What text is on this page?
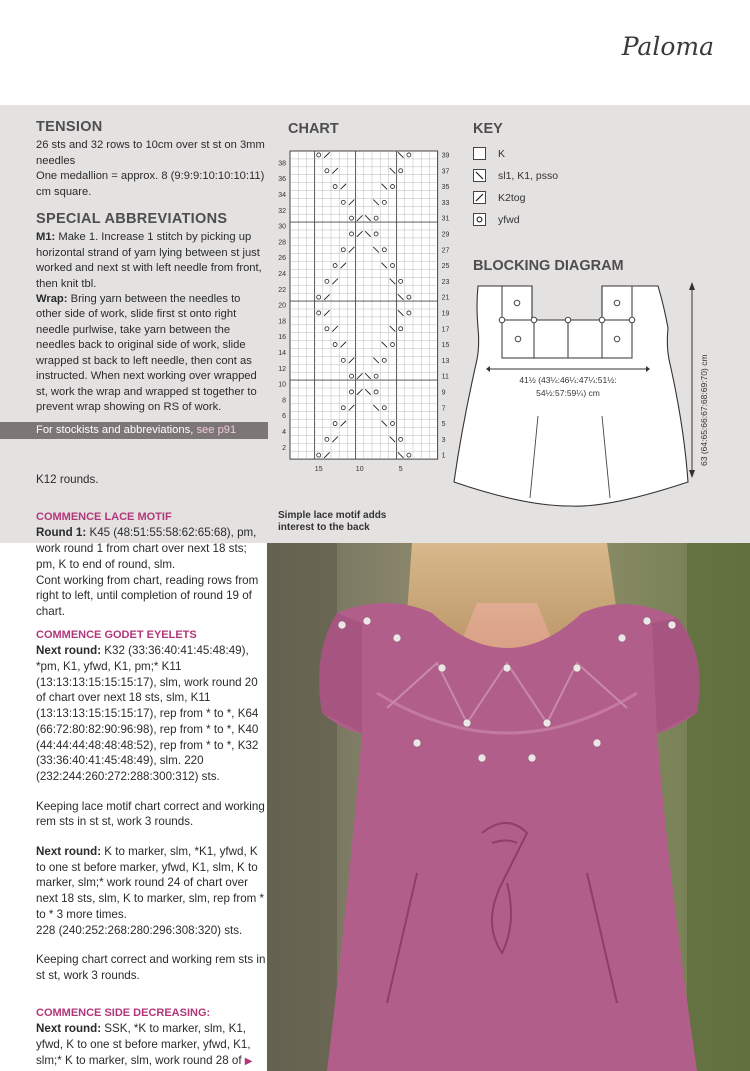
Paloma
TENSION

26 sts and 32 rows to 10cm over st st on 3mm needles

One medallion = approx. 8 (9:9:9:10:10:10:11) cm square.

SPECIAL ABBREVIATIONS

M1: Make 1. Increase 1 stitch by picking up horizontal strand of yarn lying between st just worked and next st with left needle from front, then knit tbl.

Wrap: Bring yarn between the needles to other side of work, slide first st onto right needle purlwise, take yarn between the needles back to original side of work, slide wrapped st back to left needle, then cont as instructed. When next working over wrapped st, work the wrap and wrapped st together to prevent wrap showing on RS of work.

For stockists and abbreviations, see p91
CHART
38
36
34
32
30
28
26
24
22
20
18
16
14
12
10
8
6
4
2
39
37
35
33
31
29
27
25
23
21
19
17
15
13
11
9
7
5
3
1
15	10	5
Simple lace motif adds interest to the back
KEY
K
sl1, K1, psso
K2tog
yfwd
BLOCKING DIAGRAM
41½ (43¼:46¼:47¼:51½:
54½:57:59¼) cm	63 (64:65:66:67:68:69:70) cm

K12 rounds.

COMMENCE LACE MOTIF

Round 1: K45 (48:51:55:58:62:65:68), pm, work round 1 from chart over next 18 sts; pm, K to end of round, slm.

Cont working from chart, reading rows from right to left, until completion of round 19 of chart.

COMMENCE GODET EYELETS

Next round: K32 (33:36:40:41:45:48:49), *pm, K1, yfwd, K1, pm;* K11 (13:13:13:15:15:15:17), slm, work round 20 of chart over next 18 sts, slm, K11 (13:13:13:15:15:15:17), rep from * to *, K64 (66:72:80:82:90:96:98), rep from * to *, K40 (44:44:44:48:48:48:52), rep from * to *, K32 (33:36:40:41:45:48:49), slm. 220 (232:244:260:272:288:300:312) sts.

Keeping lace motif chart correct and working rem sts in st st, work 3 rounds.

Next round: K to marker, slm, *K1, yfwd, K to one st before marker, yfwd, K1, slm, K to marker, slm;* work round 24 of chart over next 18 sts, slm, K to marker, slm, rep from * to * 3 more times.

228 (240:252:268:280:296:308:320) sts.

Keeping chart correct and working rem sts in st st, work 3 rounds.

COMMENCE SIDE DECREASING:

Next round: SSK, *K to marker, slm, K1, yfwd, K to one st before marker, yfwd, K1, slm;* K to marker, slm, work round 28 of ▶
